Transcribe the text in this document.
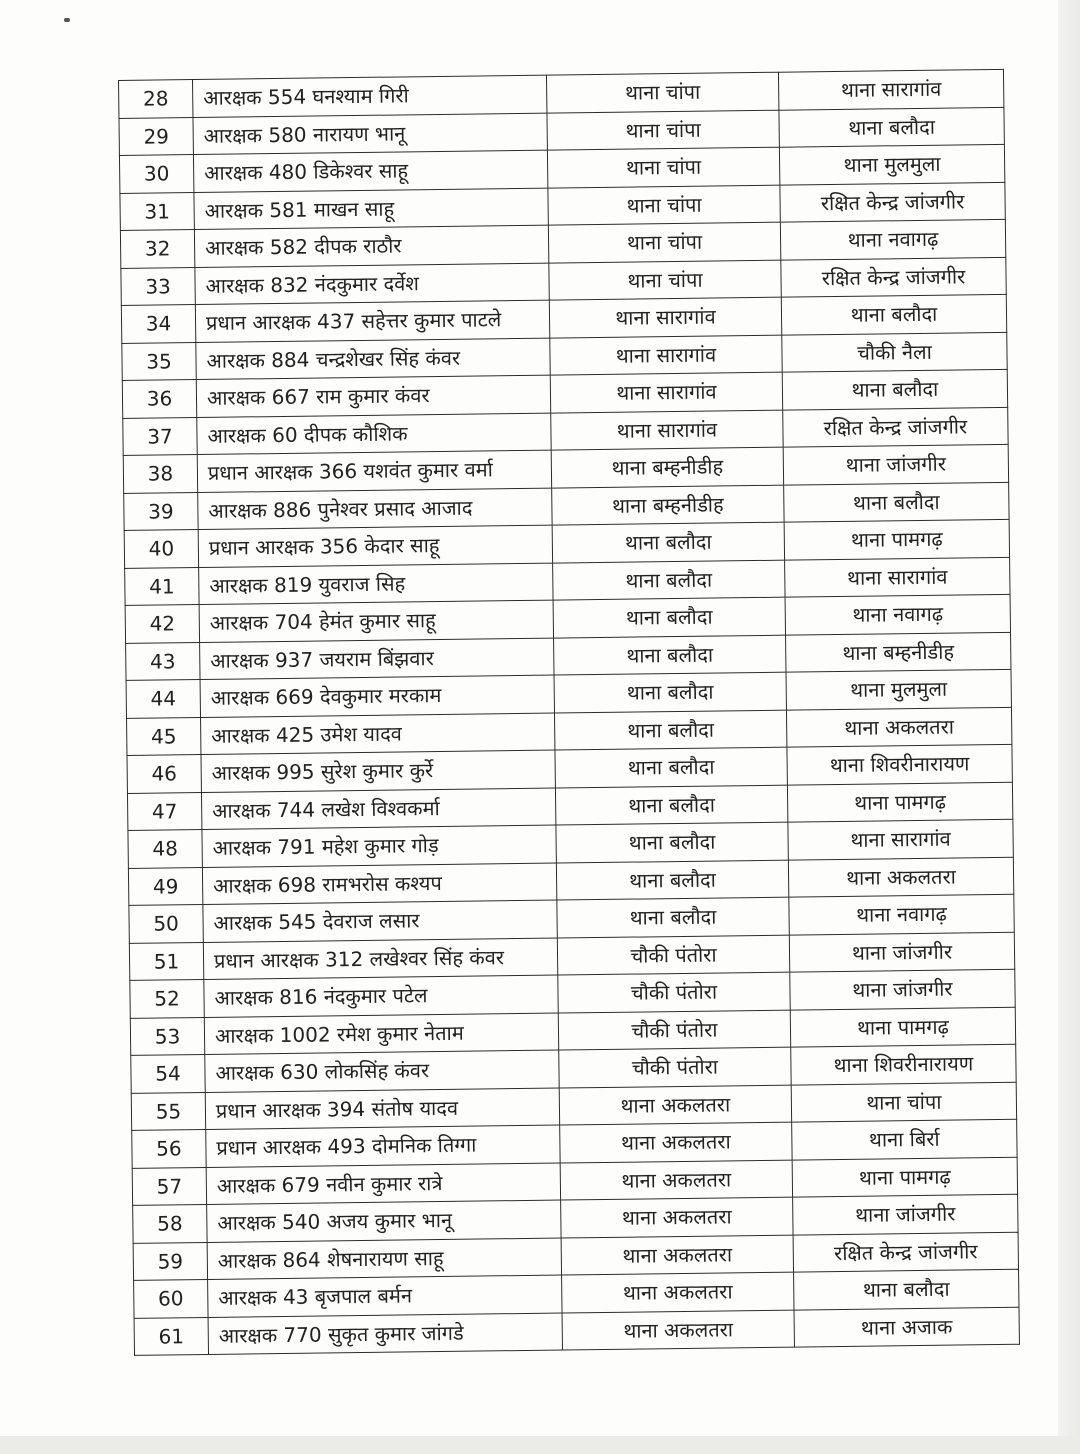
28	आरक्षक 554 घनश्याम गिरी	थाना चांपा	थाना सारागांव
29	आरक्षक 580 नारायण भानू	थाना चांपा	थाना बलौदा
30	आरक्षक 480 डिकेश्वर साहू	थाना चांपा	थाना मुलमुला
31	आरक्षक 581 माखन साहू	थाना चांपा	रक्षित केन्द्र जांजगीर
32	आरक्षक 582 दीपक राठौर	थाना चांपा	थाना नवागढ़
33	आरक्षक 832 नंदकुमार दर्वेश	थाना चांपा	रक्षित केन्द्र जांजगीर
34	प्रधान आरक्षक 437 सहेत्तर कुमार पाटले	थाना सारागांव	थाना बलौदा
35	आरक्षक 884 चन्द्रशेखर सिंह कंवर	थाना सारागांव	चौकी नैला
36	आरक्षक 667 राम कुमार कंवर	थाना सारागांव	थाना बलौदा
37	आरक्षक 60 दीपक कौशिक	थाना सारागांव	रक्षित केन्द्र जांजगीर
38	प्रधान आरक्षक 366 यशवंत कुमार वर्मा	थाना बम्हनीडीह	थाना जांजगीर
39	आरक्षक 886 पुनेश्वर प्रसाद आजाद	थाना बम्हनीडीह	थाना बलौदा
40	प्रधान आरक्षक 356 केदार साहू	थाना बलौदा	थाना पामगढ़
41	आरक्षक 819 युवराज सिह	थाना बलौदा	थाना सारागांव
42	आरक्षक 704 हेमंत कुमार साहू	थाना बलौदा	थाना नवागढ़
43	आरक्षक 937 जयराम बिंझवार	थाना बलौदा	थाना बम्हनीडीह
44	आरक्षक 669 देवकुमार मरकाम	थाना बलौदा	थाना मुलमुला
45	आरक्षक 425 उमेश यादव	थाना बलौदा	थाना अकलतरा
46	आरक्षक 995 सुरेश कुमार कुर्रे	थाना बलौदा	थाना शिवरीनारायण
47	आरक्षक 744 लखेश विश्वकर्मा	थाना बलौदा	थाना पामगढ़
48	आरक्षक 791 महेश कुमार गोड़	थाना बलौदा	थाना सारागांव
49	आरक्षक 698 रामभरोस कश्यप	थाना बलौदा	थाना अकलतरा
50	आरक्षक 545 देवराज लसार	थाना बलौदा	थाना नवागढ़
51	प्रधान आरक्षक 312 लखेश्वर सिंह कंवर	चौकी पंतोरा	थाना जांजगीर
52	आरक्षक 816 नंदकुमार पटेल	चौकी पंतोरा	थाना जांजगीर
53	आरक्षक 1002 रमेश कुमार नेताम	चौकी पंतोरा	थाना पामगढ़
54	आरक्षक 630 लोकसिंह कंवर	चौकी पंतोरा	थाना शिवरीनारायण
55	प्रधान आरक्षक 394 संतोष यादव	थाना अकलतरा	थाना चांपा
56	प्रधान आरक्षक 493 दोमनिक तिग्गा	थाना अकलतरा	थाना बिर्रा
57	आरक्षक 679 नवीन कुमार रात्रे	थाना अकलतरा	थाना पामगढ़
58	आरक्षक 540 अजय कुमार भानू	थाना अकलतरा	थाना जांजगीर
59	आरक्षक 864 शेषनारायण साहू	थाना अकलतरा	रक्षित केन्द्र जांजगीर
60	आरक्षक 43 बृजपाल बर्मन	थाना अकलतरा	थाना बलौदा
61	आरक्षक 770 सुकृत कुमार जांगडे	थाना अकलतरा	थाना अजाक
